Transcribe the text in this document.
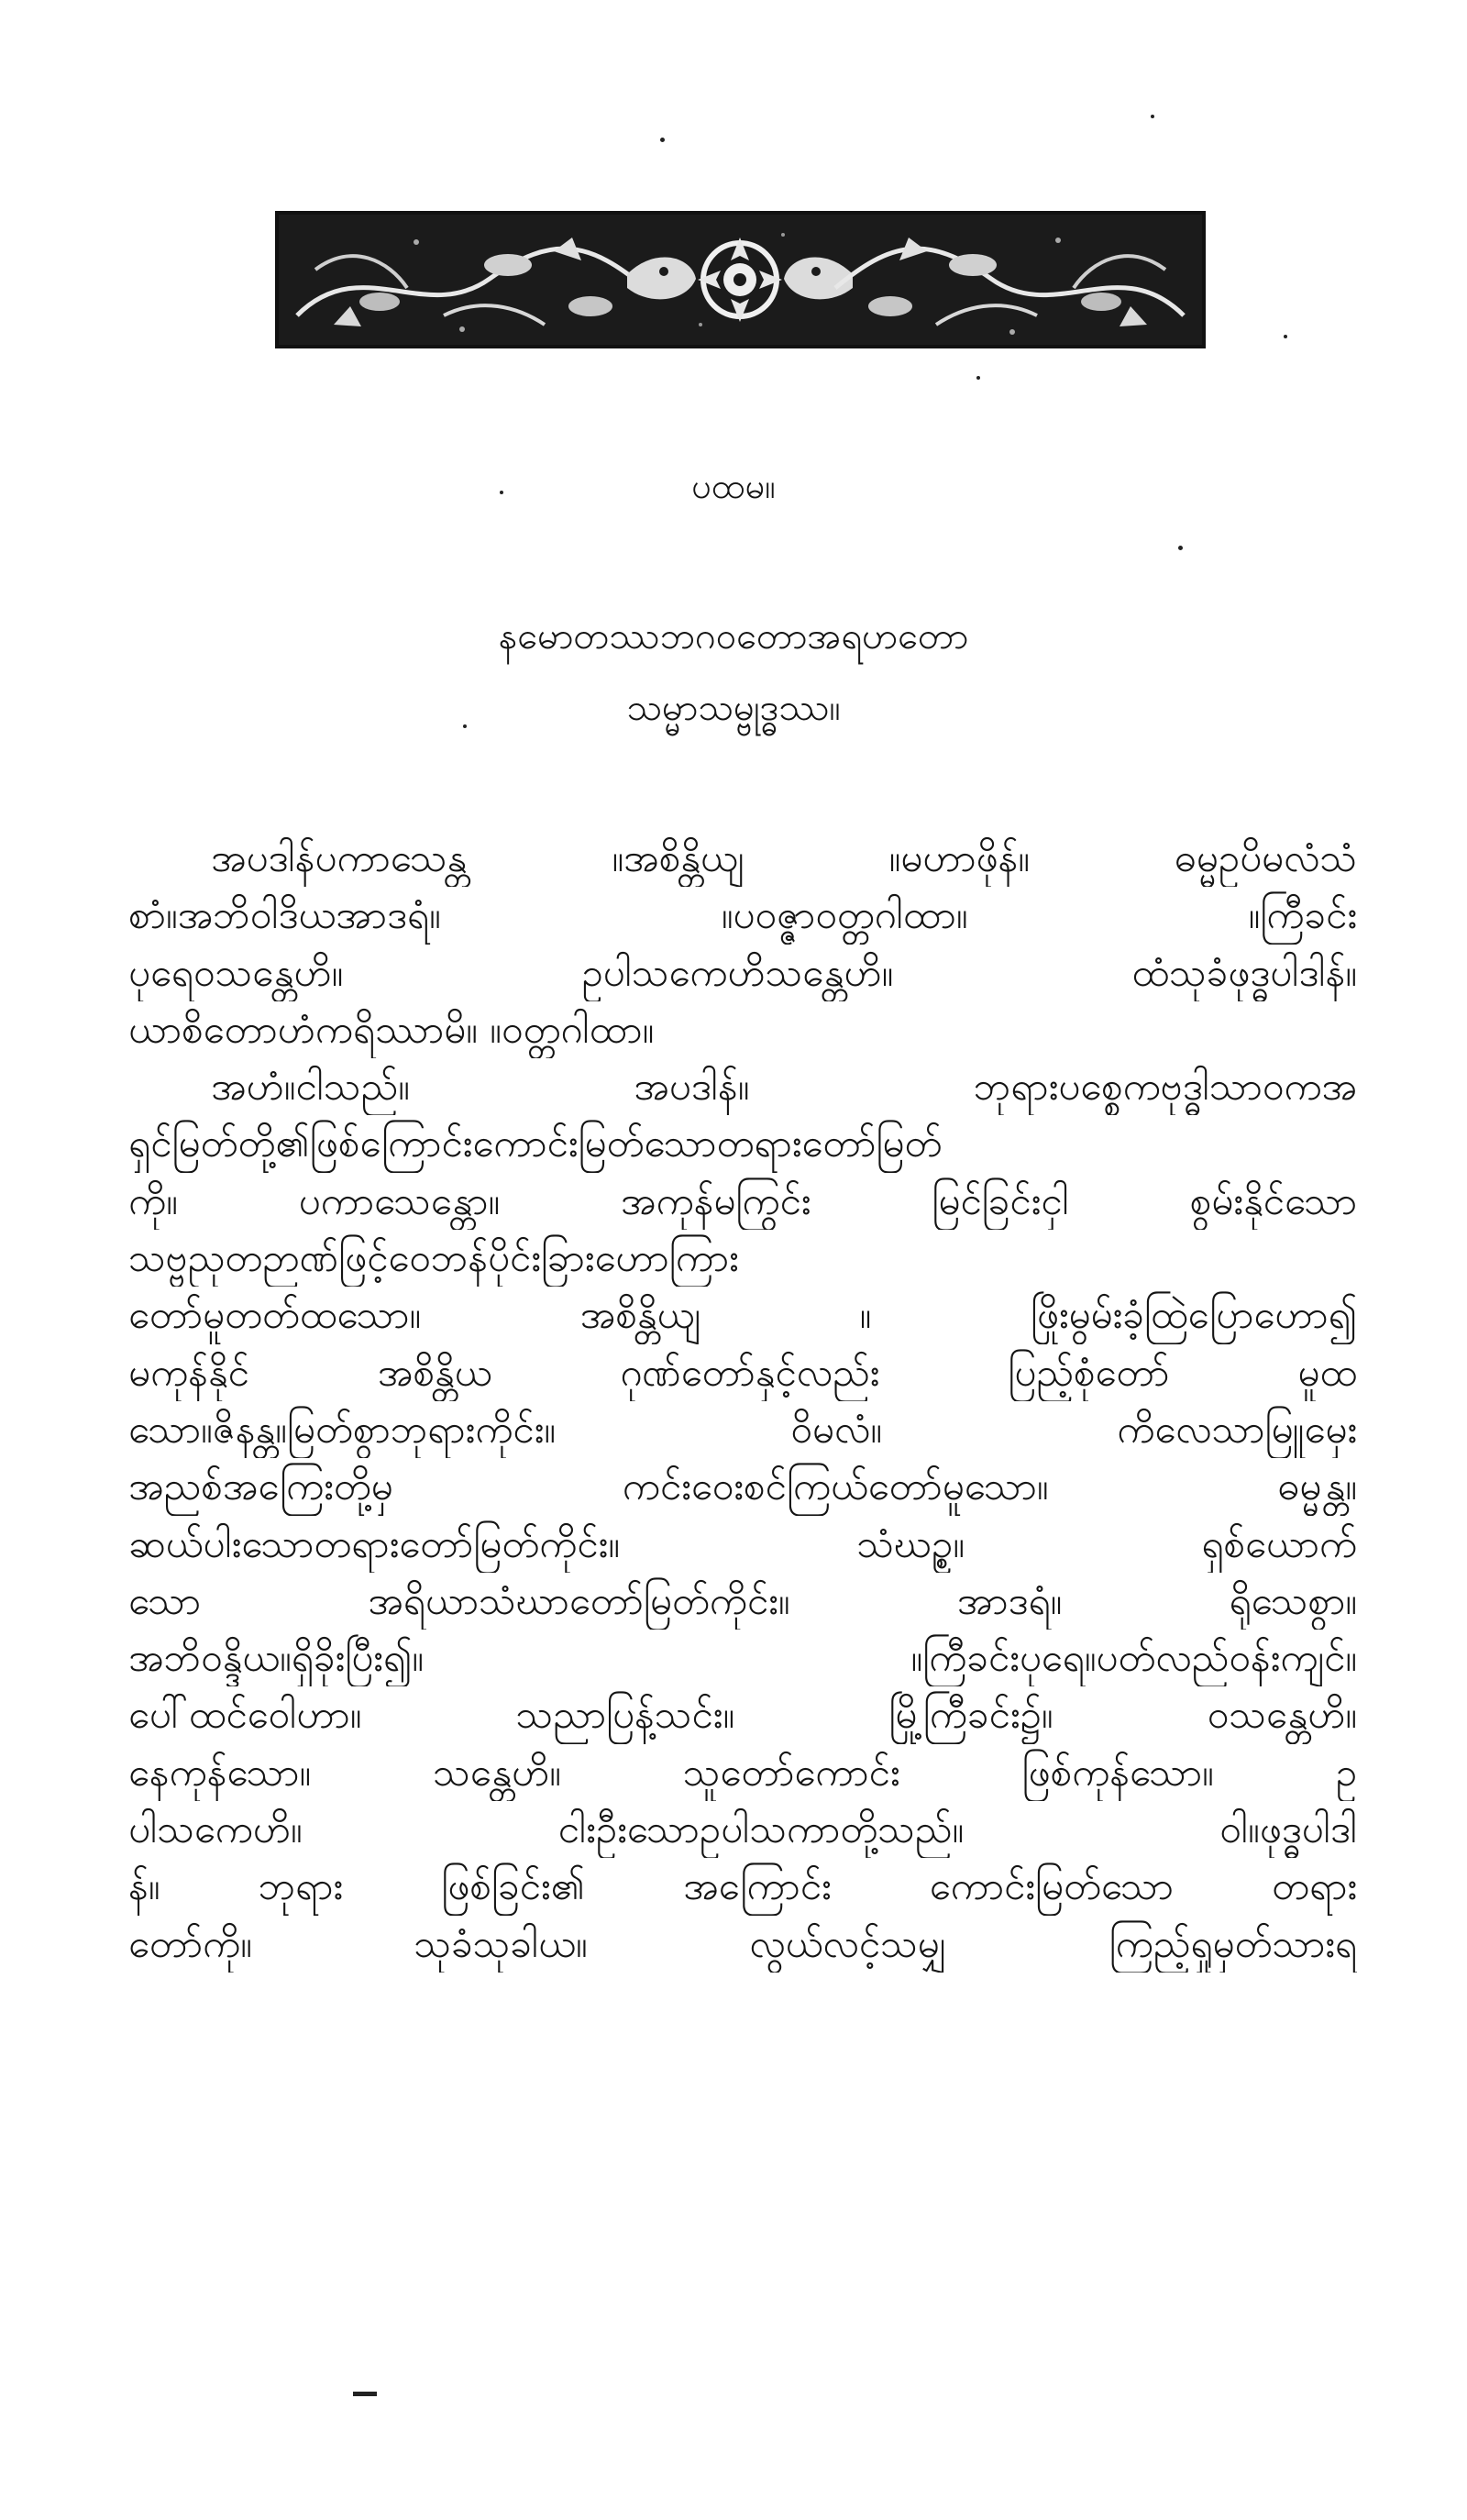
ပထမ။
နမောတဿဘဂဝတောအရဟတော
သမ္မာသမ္ဗုဒ္ဓဿ။
အပဒါန်ပကာသေန္တ ။အစိန္တိယျ ။မဟာဖိုန်။ ဓမ္မဥပိမလံသံ
စာံ။အဘိဝါဒိယအာဒရံ။ ။ပဝဇ္ဇာဝတ္တဂါထာ။ ။ကြီခင်း
ပုရေဝသန္တေဟိ။ ဥပါသကေဟိသန္တေဟိ။ ထံသုခံဖုဒ္ဓပါဒါန်။
ယာစိတောဟံကရိဿာမိ။ ။ဝတ္တဂါထာ။
အဟံ။ငါသည်။ အပဒါန်။ ဘုရားပစ္စေကဗုဒ္ဓါသာဝကအ
ရှင်မြတ်တို့၏ဖြစ်ကြောင်းကောင်းမြတ်သောတရားတော်မြတ်
ကို။ ပကာသေန္တော။ အကုန်မကြွင်း မြင်ခြင်းငှါ စွမ်းနိုင်သော
သဗ္ဗညုတဉာဏ်ဖြင့်ဝေဘန်ပိုင်းခြားဟောကြား
တော်မူတတ်ထသော။ အစိန္တိယျ ။ ဖြိုးမွမ်းခံ့ထြဲပြောဟော၍
မကုန်နိုင် အစိန္တိယ ဂုဏ်တော်နှင့်လည်း ပြည့်စုံတော် မူထ
သော။ဇိနန္တ။မြတ်စွာဘုရားကိုင်း။ ဝိမလံ။ ကိလေသာမြူမှေး
အညစ်အကြေးတို့မှ ကင်းဝေးစင်ကြယ်တော်မူသော။ ဓမ္မန္တ။
ဆယ်ပါးသောတရားတော်မြတ်ကိုင်း။ သံဃဉ္စ။ ရှစ်ယောက်
သော အရိယာသံဃာတော်မြတ်ကိုင်း။ အာဒရံ။ ရိုသေစွာ။
အဘိဝန္ဒိယ။ရှိခိုးပြီး၍။ ။ကြီခင်းပုရေ။ပတ်လည်ဝန်းကျင်။
ပေါ်ထင်ဝေါဟာ။ သညာပြန့်သင်း။ မြို့ကြီခင်း၌။ ဝသန္တေဟိ။
နေကုန်သော။ သန္တေဟိ။ သူတော်ကောင်း ဖြစ်ကုန်သော။ ဥ
ပါသကေဟိ။ ငါးဦးသောဥပါသကာတို့သည်။ ဝါ။ဖုဒ္ဓပါဒါ
န်။ ဘုရား ဖြစ်ခြင်း၏ အကြောင်း ကောင်းမြတ်သော တရား
တော်ကို။ သုခံသုခါယ။ လွယ်လင့်သမျှ ကြည့်ရှုမှတ်သားရ
